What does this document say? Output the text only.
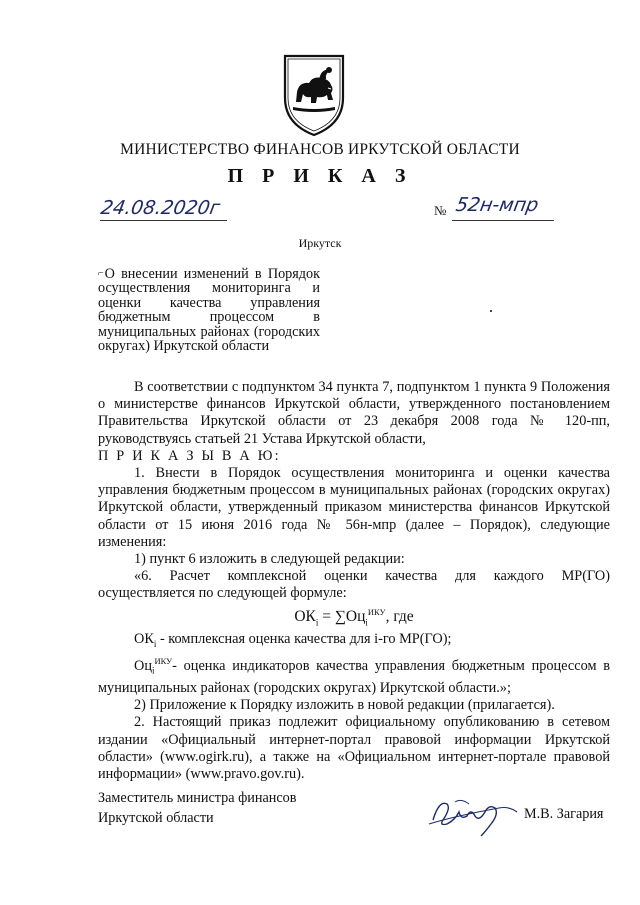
МИНИСТЕРСТВО ФИНАНСОВ ИРКУТСКОЙ ОБЛАСТИ
П Р И К А З
24.08.2020г	№ 52н-мпр
Иркутск
⌐О внесении изменений в Порядок осуществления мониторинга и оценки качества управления бюджетным процессом в муниципальных районах (городских округах) Иркутской области

В соответствии с подпунктом 34 пункта 7, подпунктом 1 пункта 9 Положения о министерстве финансов Иркутской области, утвержденного постановлением Правительства Иркутской области от 23 декабря 2008 года № 120-пп, руководствуясь статьей 21 Устава Иркутской области,

П Р И К А З Ы В А Ю:

1. Внести в Порядок осуществления мониторинга и оценки качества управления бюджетным процессом в муниципальных районах (городских округах) Иркутской области, утвержденный приказом министерства финансов Иркутской области от 15 июня 2016 года № 56н-мпр (далее – Порядок), следующие изменения:

1) пункт 6 изложить в следующей редакции:

«6. Расчет комплексной оценки качества для каждого МР(ГО) осуществляется по следующей формуле:

$ОК_i = \sum Оц_i^{ИКУ}$, где

$ОК_i$ - комплексная оценка качества для i-го МР(ГО);

$Оц_i^{ИКУ}-$ оценка индикаторов качества управления бюджетным процессом в муниципальных районах (городских округах) Иркутской области.»;

2) Приложение к Порядку изложить в новой редакции (прилагается).

2. Настоящий приказ подлежит официальному опубликованию в сетевом издании «Официальный интернет-портал правовой информации Иркутской области» (www.ogirk.ru), а также на «Официальном интернет-портале правовой информации» (www.pravo.gov.ru).

Заместитель министра финансов
Иркутской области	М.В. Загария
